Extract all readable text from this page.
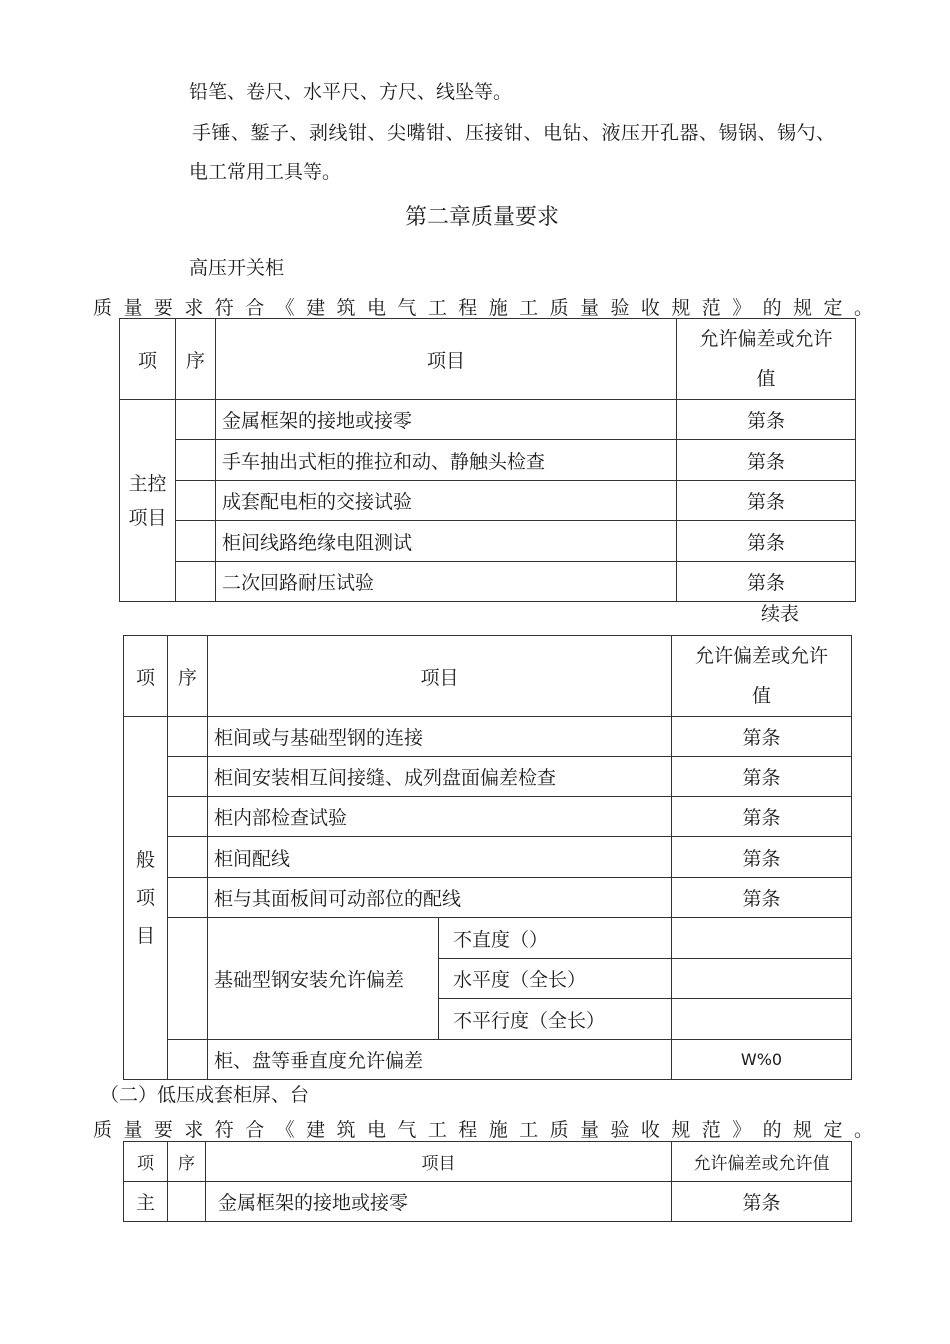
铅笔、卷尺、水平尺、方尺、线坠等。
手锤、錾子、剥线钳、尖嘴钳、压接钳、电钻、液压开孔器、锡锅、锡勺、
电工常用工具等。
第二章质量要求
高压开关柜
质 量 要 求 符 合 《 建 筑 电 气 工 程 施 工 质 量 验 收 规 范 》 的 规 定 。
项	序	项目	允许偏差或允许
值

主控
项目		金属框架的接地或接零	第条
		手车抽出式柜的推拉和动、静触头检查	第条
		成套配电柜的交接试验	第条
		柜间线路绝缘电阻测试	第条
		二次回路耐压试验	第条
续表
项	序	项目		允许偏差或允许
值

般
项
目		柜间或与基础型钢的连接		第条
		柜间安装相互间接缝、成列盘面偏差检查		第条
		柜内部检查试验		第条
		柜间配线		第条
		柜与其面板间可动部位的配线		第条
		基础型钢安装允许偏差	不直度（）	
			水平度（全长）	
			不平行度（全长）	
		柜、盘等垂直度允许偏差		W%0
（二）低压成套柜屏、台
质 量 要 求 符 合 《 建 筑 电 气 工 程 施 工 质 量 验 收 规 范 》 的 规 定 。
项	序	项目	允许偏差或允许值
主		金属框架的接地或接零	第条
